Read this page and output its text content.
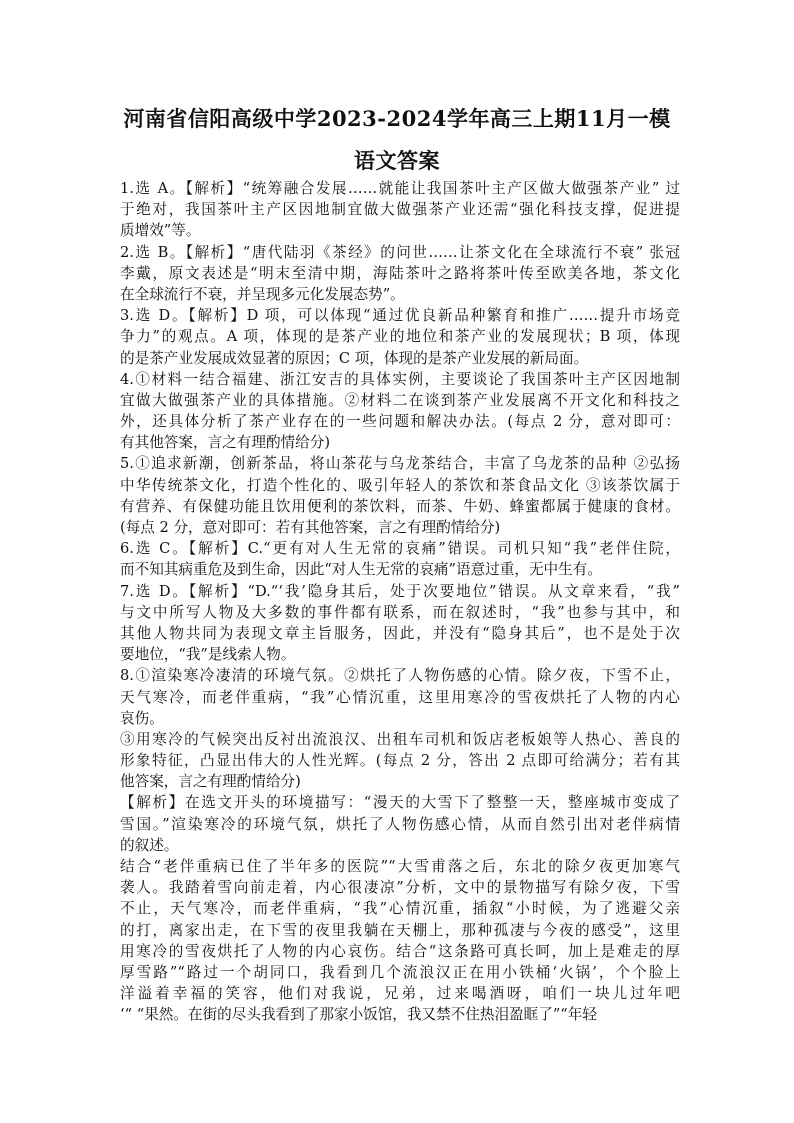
河南省信阳高级中学2023-2024学年高三上期11月一模
语文答案
1.选 A。【解析】“统筹融合发展……就能让我国茶叶主产区做大做强茶产业” 过
于绝对，我国茶叶主产区因地制宜做大做强茶产业还需“强化科技支撑，促进提
质增效”等。
2.选 B。【解析】“唐代陆羽《茶经》的问世……让茶文化在全球流行不衰” 张冠
李戴，原文表述是“明末至清中期，海陆茶叶之路将茶叶传至欧美各地，茶文化
在全球流行不衰，并呈现多元化发展态势”。
3.选 D。【解析】D 项，可以体现“通过优良新品种繁育和推广……提升市场竞
争力”的观点。A 项，体现的是茶产业的地位和茶产业的发展现状；B 项，体现
的是茶产业发展成效显著的原因；C 项，体现的是茶产业发展的新局面。
4.①材料一结合福建、浙江安吉的具体实例，主要谈论了我国茶叶主产区因地制
宜做大做强茶产业的具体措施。②材料二在谈到茶产业发展离不开文化和科技之
外，还具体分析了茶产业存在的一些问题和解决办法。(每点 2 分，意对即可：
有其他答案，言之有理酌情给分)
5.①追求新潮，创新茶品，将山茶花与乌龙茶结合，丰富了乌龙茶的品种 ②弘扬
中华传统茶文化，打造个性化的、吸引年轻人的茶饮和茶食品文化 ③该茶饮属于
有营养、有保健功能且饮用便利的茶饮料，而茶、牛奶、蜂蜜都属于健康的食材。
(每点 2 分，意对即可：若有其他答案，言之有理酌情给分)
6.选 C。【解析】C.“更有对人生无常的哀痛”错误。司机只知“我”老伴住院，
而不知其病重危及到生命，因此“对人生无常的哀痛”语意过重，无中生有。
7.选 D。【解析】“D.“‘我’隐身其后，处于次要地位”错误。从文章来看，“我”
与文中所写人物及大多数的事件都有联系，而在叙述时，“我”也参与其中，和
其他人物共同为表现文章主旨服务，因此，并没有“隐身其后”，也不是处于次
要地位，“我”是线索人物。
8.①渲染寒冷凄清的环境气氛。②烘托了人物伤感的心情。除夕夜，下雪不止，
天气寒冷，而老伴重病，“我”心情沉重，这里用寒冷的雪夜烘托了人物的内心
哀伤。
③用寒冷的气候突出反衬出流浪汉、出租车司机和饭店老板娘等人热心、善良的
形象特征，凸显出伟大的人性光辉。(每点 2 分，答出 2 点即可给满分；若有其
他答案，言之有理酌情给分)
【解析】在选文开头的环境描写：“漫天的大雪下了整整一天，整座城市变成了
雪国。”渲染寒冷的环境气氛，烘托了人物伤感心情，从而自然引出对老伴病情
的叙述。
结合“老伴重病已住了半年多的医院”“大雪甫落之后，东北的除夕夜更加寒气
袭人。我踏着雪向前走着，内心很凄凉”分析，文中的景物描写有除夕夜，下雪
不止，天气寒冷，而老伴重病，“我”心情沉重，插叙“小时候，为了逃避父亲
的打，离家出走，在下雪的夜里我躺在天棚上，那种孤凄与今夜的感受”，这里
用寒冷的雪夜烘托了人物的内心哀伤。结合“这条路可真长呵，加上是难走的厚
厚雪路”“路过一个胡同口，我看到几个流浪汉正在用小铁桶‘火锅’，个个脸上
洋溢着幸福的笑容，他们对我说，兄弟，过来喝酒呀，咱们一块儿过年吧
‘“ “果然。在街的尽头我看到了那家小饭馆，我又禁不住热泪盈眶了”“年轻
